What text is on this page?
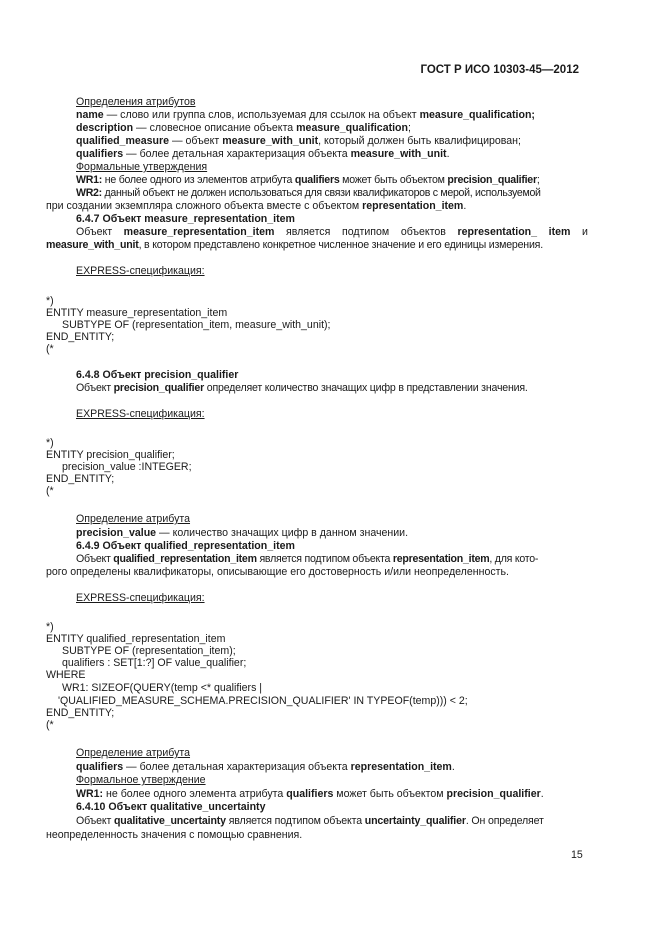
ГОСТ Р ИСО 10303-45—2012
Определения атрибутов
name — слово или группа слов, используемая для ссылок на объект measure_qualification;
description — словесное описание объекта measure_qualification;
qualified_measure — объект measure_with_unit, который должен быть квалифицирован;
qualifiers — более детальная характеризация объекта measure_with_unit.
Формальные утверждения
WR1: не более одного из элементов атрибута qualifiers может быть объектом precision_qualifier;
WR2: данный объект не должен использоваться для связи квалификаторов с мерой, используемой
при создании экземпляра сложного объекта вместе с объектом representation_item.
6.4.7 Объект measure_representation_item
Объект measure_representation_item является подтипом объектов representation_ item и
measure_with_unit, в котором представлено конкретное численное значение и его единицы измерения.
EXPRESS-спецификация:
*)
ENTITY measure_representation_item
SUBTYPE OF (representation_item, measure_with_unit);
END_ENTITY;
(*
6.4.8 Объект precision_qualifier
Объект precision_qualifier определяет количество значащих цифр в представлении значения.
EXPRESS-спецификация:
*)
ENTITY precision_qualifier;
precision_value :INTEGER;
END_ENTITY;
(*
Определение атрибута
precision_value — количество значащих цифр в данном значении.
6.4.9 Объект qualified_representation_item
Объект qualified_representation_item является подтипом объекта representation_item, для кото-
рого определены квалификаторы, описывающие его достоверность и/или неопределенность.
EXPRESS-спецификация:
*)
ENTITY qualified_representation_item
SUBTYPE OF (representation_item);
qualifiers : SET[1:?] OF value_qualifier;
WHERE
WR1: SIZEOF(QUERY(temp <* qualifiers |
'QUALIFIED_MEASURE_SCHEMA.PRECISION_QUALIFIER' IN TYPEOF(temp))) < 2;
END_ENTITY;
(*
Определение атрибута
qualifiers — более детальная характеризация объекта representation_item.
Формальное утверждение
WR1: не более одного элемента атрибута qualifiers может быть объектом precision_qualifier.
6.4.10 Объект qualitative_uncertainty
Объект qualitative_uncertainty является подтипом объекта uncertainty_qualifier. Он определяет
неопределенность значения с помощью сравнения.
15
